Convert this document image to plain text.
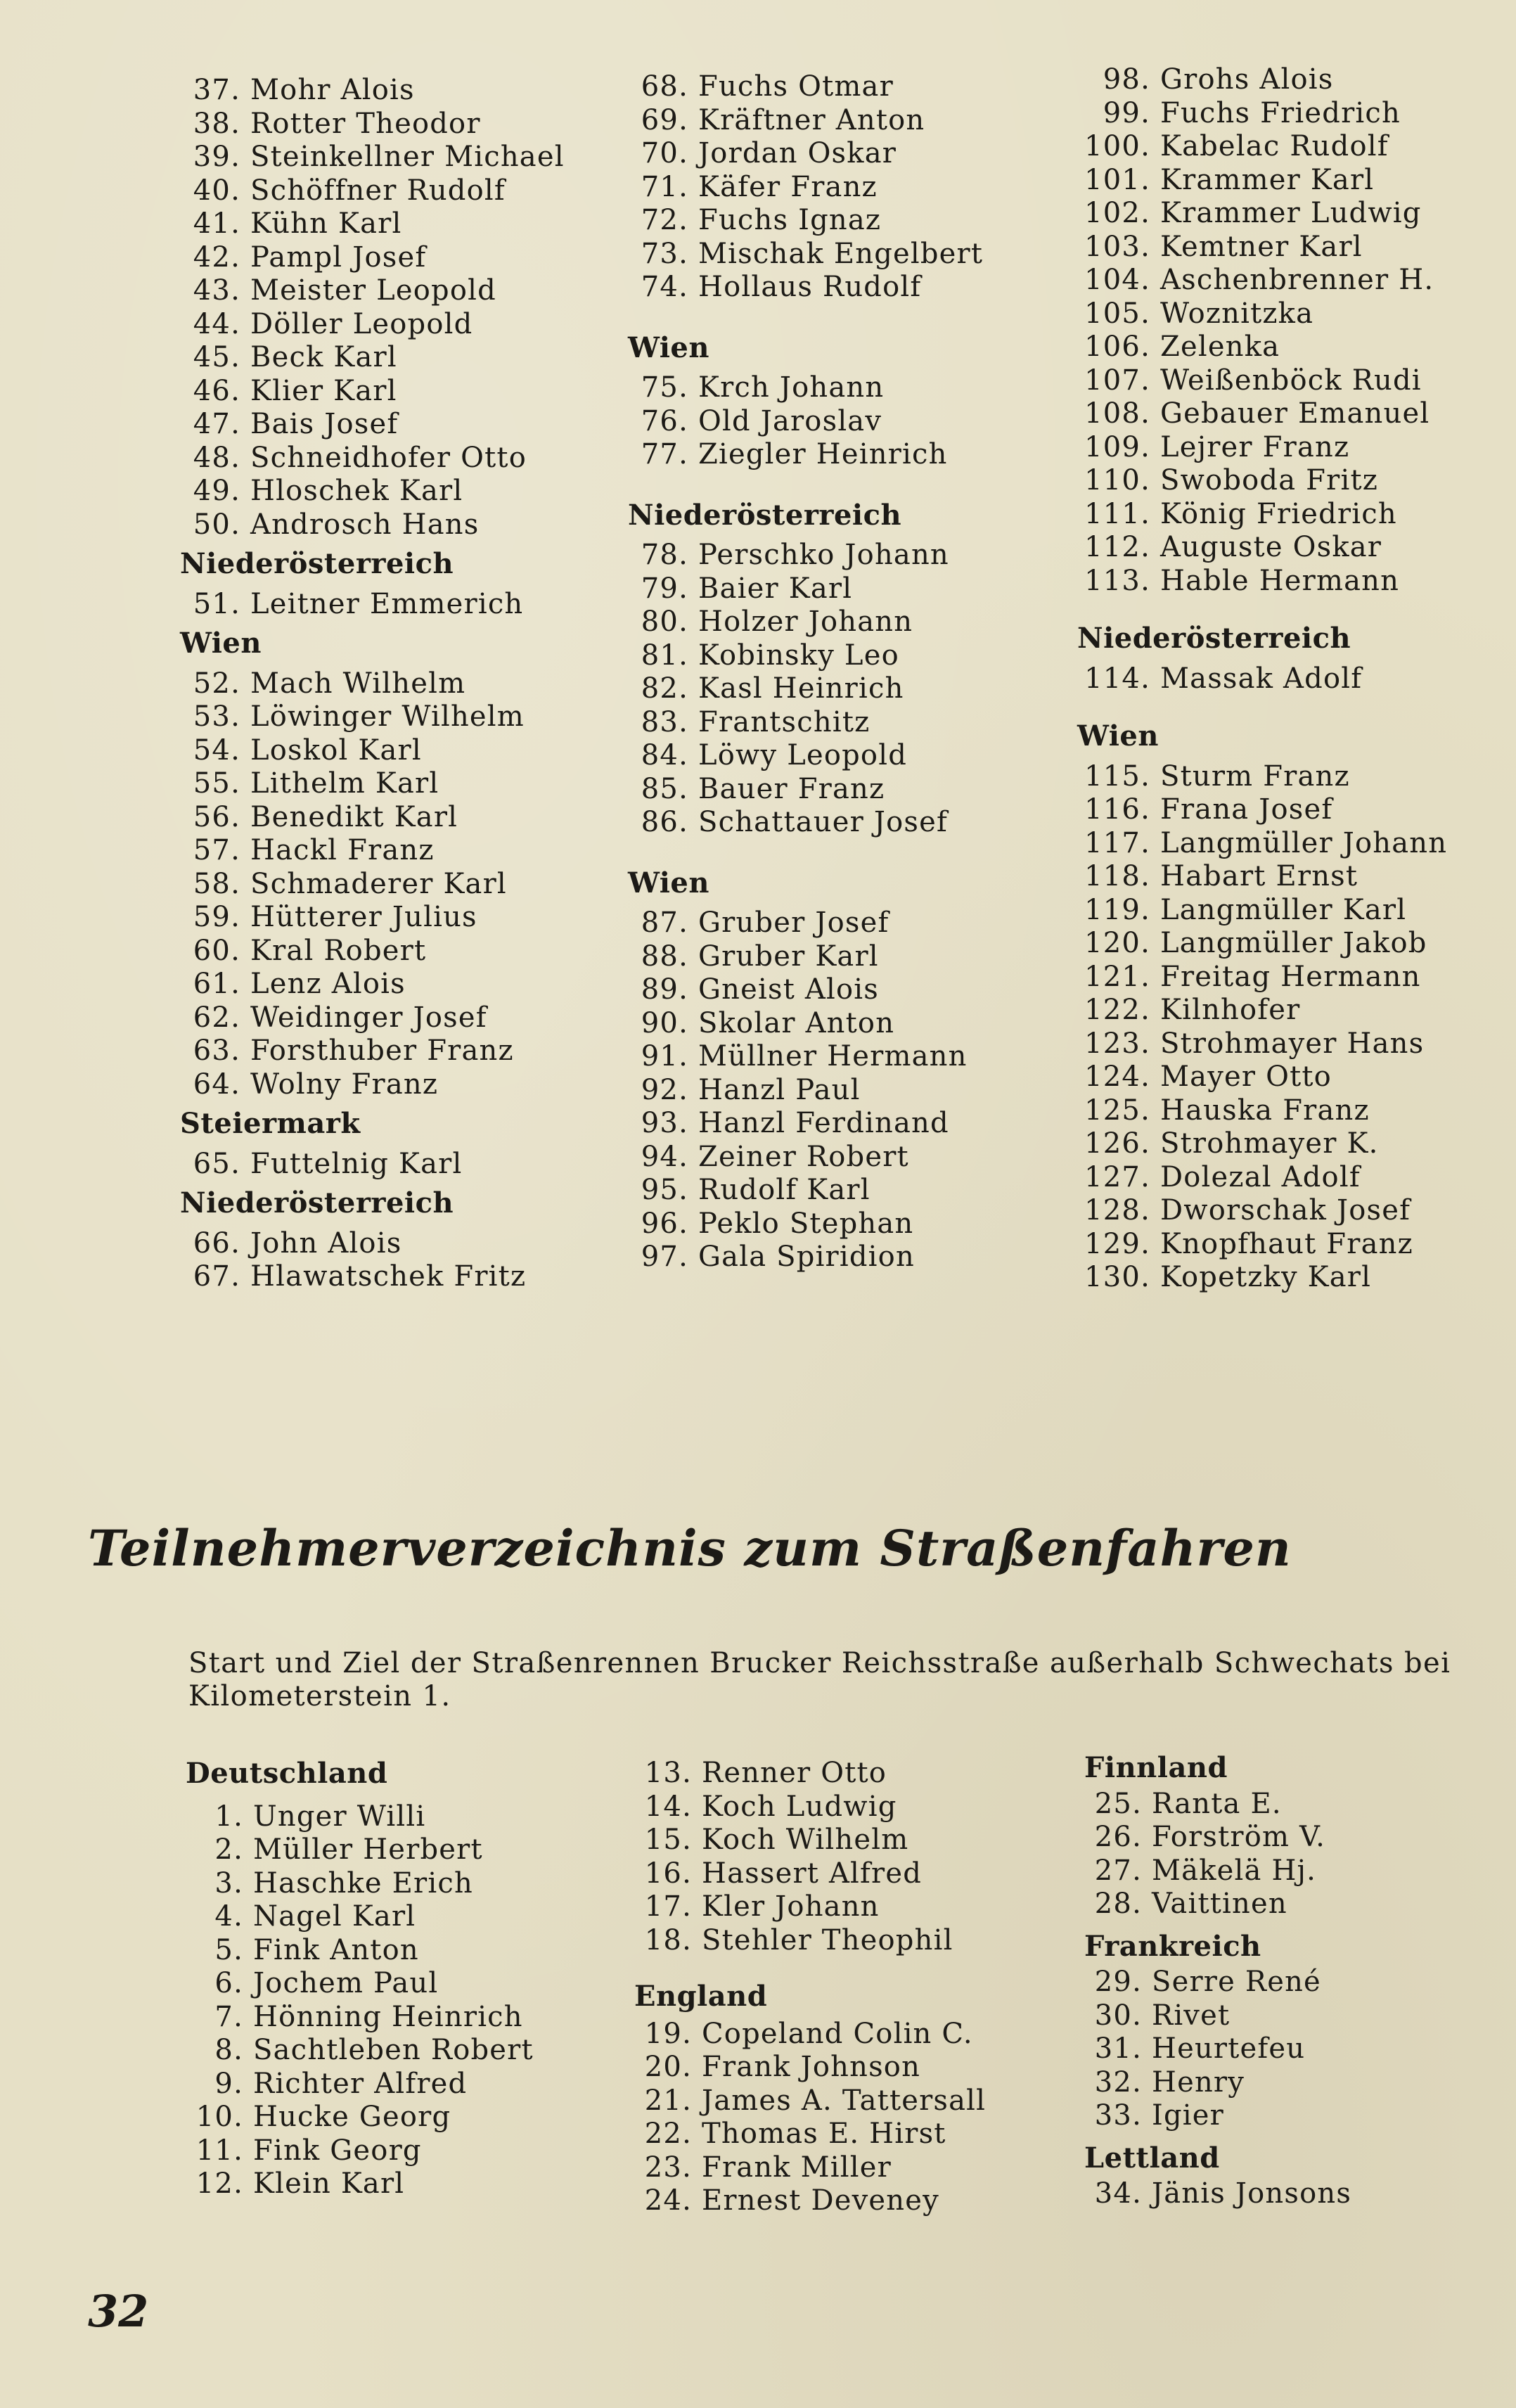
37. Mohr Alois
38. Rotter Theodor
39. Steinkellner Michael
40. Schöffner Rudolf
41. Kühn Karl
42. Pampl Josef
43. Meister Leopold
44. Döller Leopold
45. Beck Karl
46. Klier Karl
47. Bais Josef
48. Schneidhofer Otto
49. Hloschek Karl
50. Androsch Hans
Niederösterreich
51. Leitner Emmerich
Wien
52. Mach Wilhelm
53. Löwinger Wilhelm
54. Loskol Karl
55. Lithelm Karl
56. Benedikt Karl
57. Hackl Franz
58. Schmaderer Karl
59. Hütterer Julius
60. Kral Robert
61. Lenz Alois
62. Weidinger Josef
63. Forsthuber Franz
64. Wolny Franz
Steiermark
65. Futtelnig Karl
Niederösterreich
66. John Alois
67. Hlawatschek Fritz
68. Fuchs Otmar
69. Kräftner Anton
70. Jordan Oskar
71. Käfer Franz
72. Fuchs Ignaz
73. Mischak Engelbert
74. Hollaus Rudolf
Wien
75. Krch Johann
76. Old Jaroslav
77. Ziegler Heinrich
Niederösterreich
78. Perschko Johann
79. Baier Karl
80. Holzer Johann
81. Kobinsky Leo
82. Kasl Heinrich
83. Frantschitz
84. Löwy Leopold
85. Bauer Franz
86. Schattauer Josef
Wien
87. Gruber Josef
88. Gruber Karl
89. Gneist Alois
90. Skolar Anton
91. Müllner Hermann
92. Hanzl Paul
93. Hanzl Ferdinand
94. Zeiner Robert
95. Rudolf Karl
96. Peklo Stephan
97. Gala Spiridion
98. Grohs Alois
99. Fuchs Friedrich
100. Kabelac Rudolf
101. Krammer Karl
102. Krammer Ludwig
103. Kemtner Karl
104. Aschenbrenner H.
105. Woznitzka
106. Zelenka
107. Weißenböck Rudi
108. Gebauer Emanuel
109. Lejrer Franz
110. Swoboda Fritz
111. König Friedrich
112. Auguste Oskar
113. Hable Hermann
Niederösterreich
114. Massak Adolf
Wien
115. Sturm Franz
116. Frana Josef
117. Langmüller Johann
118. Habart Ernst
119. Langmüller Karl
120. Langmüller Jakob
121. Freitag Hermann
122. Kilnhofer
123. Strohmayer Hans
124. Mayer Otto
125. Hauska Franz
126. Strohmayer K.
127. Dolezal Adolf
128. Dworschak Josef
129. Knopfhaut Franz
130. Kopetzky Karl
Teilnehmerverzeichnis zum Straßenfahren
Start und Ziel der Straßenrennen Brucker Reichsstraße außerhalb Schwechats bei Kilometerstein 1.
Deutschland
1. Unger Willi
2. Müller Herbert
3. Haschke Erich
4. Nagel Karl
5. Fink Anton
6. Jochem Paul
7. Hönning Heinrich
8. Sachtleben Robert
9. Richter Alfred
10. Hucke Georg
11. Fink Georg
12. Klein Karl
13. Renner Otto
14. Koch Ludwig
15. Koch Wilhelm
16. Hassert Alfred
17. Kler Johann
18. Stehler Theophil
England
19. Copeland Colin C.
20. Frank Johnson
21. James A. Tattersall
22. Thomas E. Hirst
23. Frank Miller
24. Ernest Deveney
Finnland
25. Ranta E.
26. Forström V.
27. Mäkelä Hj.
28. Vaittinen
Frankreich
29. Serre René
30. Rivet
31. Heurtefeu
32. Henry
33. Igier
Lettland
34. Jänis Jonsons
32
